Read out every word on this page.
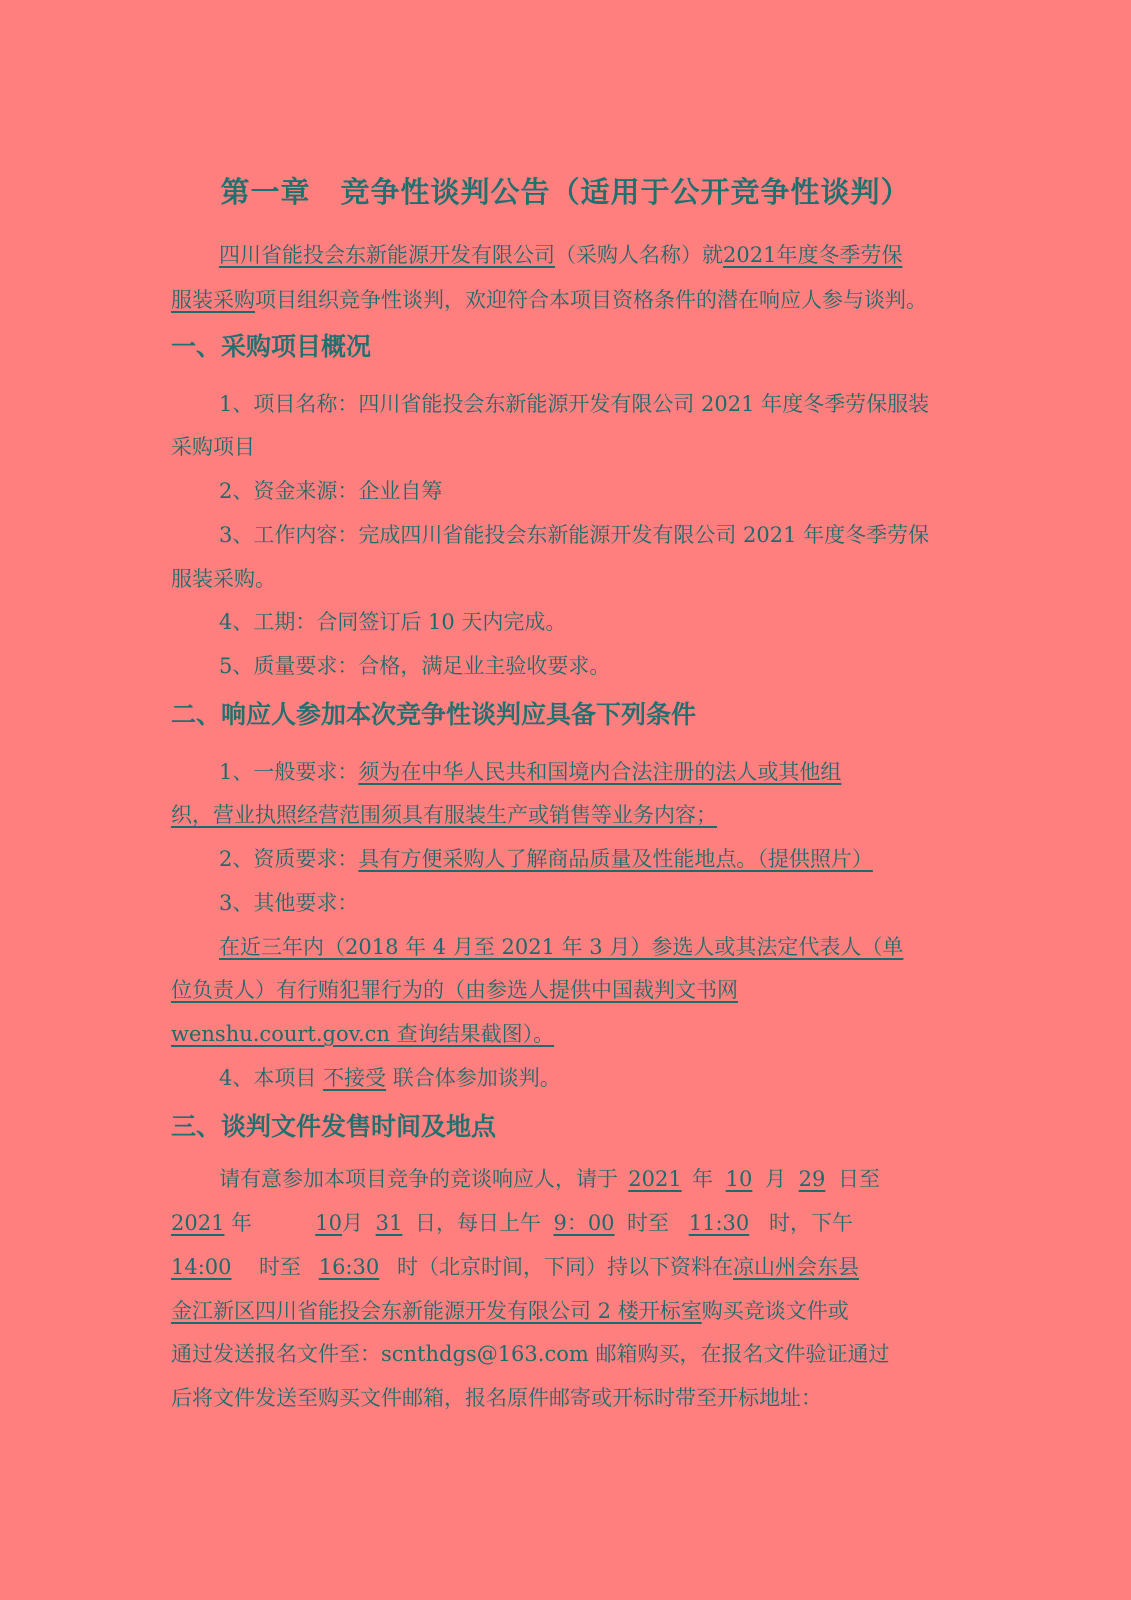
第一章 竞争性谈判公告（适用于公开竞争性谈判）
四川省能投会东新能源开发有限公司（采购人名称）就2021年度冬季劳保
服装采购项目组织竞争性谈判，欢迎符合本项目资格条件的潜在响应人参与谈判。
一、采购项目概况
1、项目名称：四川省能投会东新能源开发有限公司 2021 年度冬季劳保服装
采购项目
2、资金来源：企业自筹
3、工作内容：完成四川省能投会东新能源开发有限公司 2021 年度冬季劳保
服装采购。
4、工期：合同签订后 10 天内完成。
5、质量要求：合格，满足业主验收要求。
二、响应人参加本次竞争性谈判应具备下列条件
1、一般要求：须为在中华人民共和国境内合法注册的法人或其他组
织，营业执照经营范围须具有服装生产或销售等业务内容；
2、资质要求：具有方便采购人了解商品质量及性能地点。（提供照片）
3、其他要求：
在近三年内（2018 年 4 月至 2021 年 3 月）参选人或其法定代表人（单
位负责人）有行贿犯罪行为的（由参选人提供中国裁判文书网
wenshu.court.gov.cn 查询结果截图）。
4、本项目 不接受 联合体参加谈判。
三、谈判文件发售时间及地点
请有意参加本项目竞争的竞谈响应人，请于 2021 年 10 月 29 日至
2021 年	10月 31 日，每日上午 9：00 时至 11:30 时，下午
14:00 时至 16:30 时（北京时间，下同）持以下资料在凉山州会东县
金江新区四川省能投会东新能源开发有限公司 2 楼开标室购买竞谈文件或
通过发送报名文件至：scnthdgs@163.com 邮箱购买，在报名文件验证通过
后将文件发送至购买文件邮箱，报名原件邮寄或开标时带至开标地址：
